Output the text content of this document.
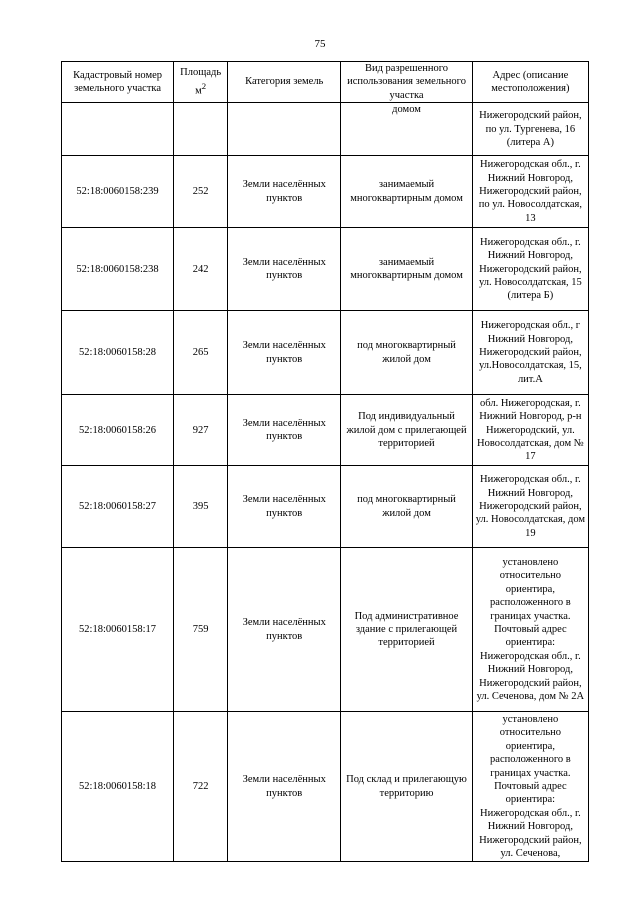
75
Кадастровый номер земельного участка	Площадь $м^2$	Категория земель	Вид разрешенного использования земельного участка	Адрес (описание местоположения)
			домом	Нижегородский район, по ул. Тургенева, 16 (литера А)
52:18:0060158:239	252	Земли населённых пунктов	занимаемый многоквартирным домом	Нижегородская обл., г. Нижний Новгород, Нижегородский район, по ул. Новосолдатская, 13
52:18:0060158:238	242	Земли населённых пунктов	занимаемый многоквартирным домом	Нижегородская обл., г. Нижний Новгород, Нижегородский район, ул. Новосолдатская, 15 (литера Б)
52:18:0060158:28	265	Земли населённых пунктов	под многоквартирный жилой дом	Нижегородская обл., г Нижний Новгород, Нижегородский район, ул.Новосолдатская, 15, лит.А
52:18:0060158:26	927	Земли населённых пунктов	Под индивидуальный жилой дом с прилегающей территорией	обл. Нижегородская, г. Нижний Новгород, р-н Нижегородский, ул. Новосолдатская, дом № 17
52:18:0060158:27	395	Земли населённых пунктов	под многоквартирный жилой дом	Нижегородская обл., г. Нижний Новгород, Нижегородский район, ул. Новосолдатская, дом 19
52:18:0060158:17	759	Земли населённых пунктов	Под административное здание с прилегающей территорией	установлено относительно ориентира, расположенного в границах участка. Почтовый адрес ориентира: Нижегородская обл., г. Нижний Новгород, Нижегородский район, ул. Сеченова, дом № 2А
52:18:0060158:18	722	Земли населённых пунктов	Под склад и прилегающую территорию	установлено относительно ориентира, расположенного в границах участка. Почтовый адрес ориентира: Нижегородская обл., г. Нижний Новгород, Нижегородский район, ул. Сеченова,
